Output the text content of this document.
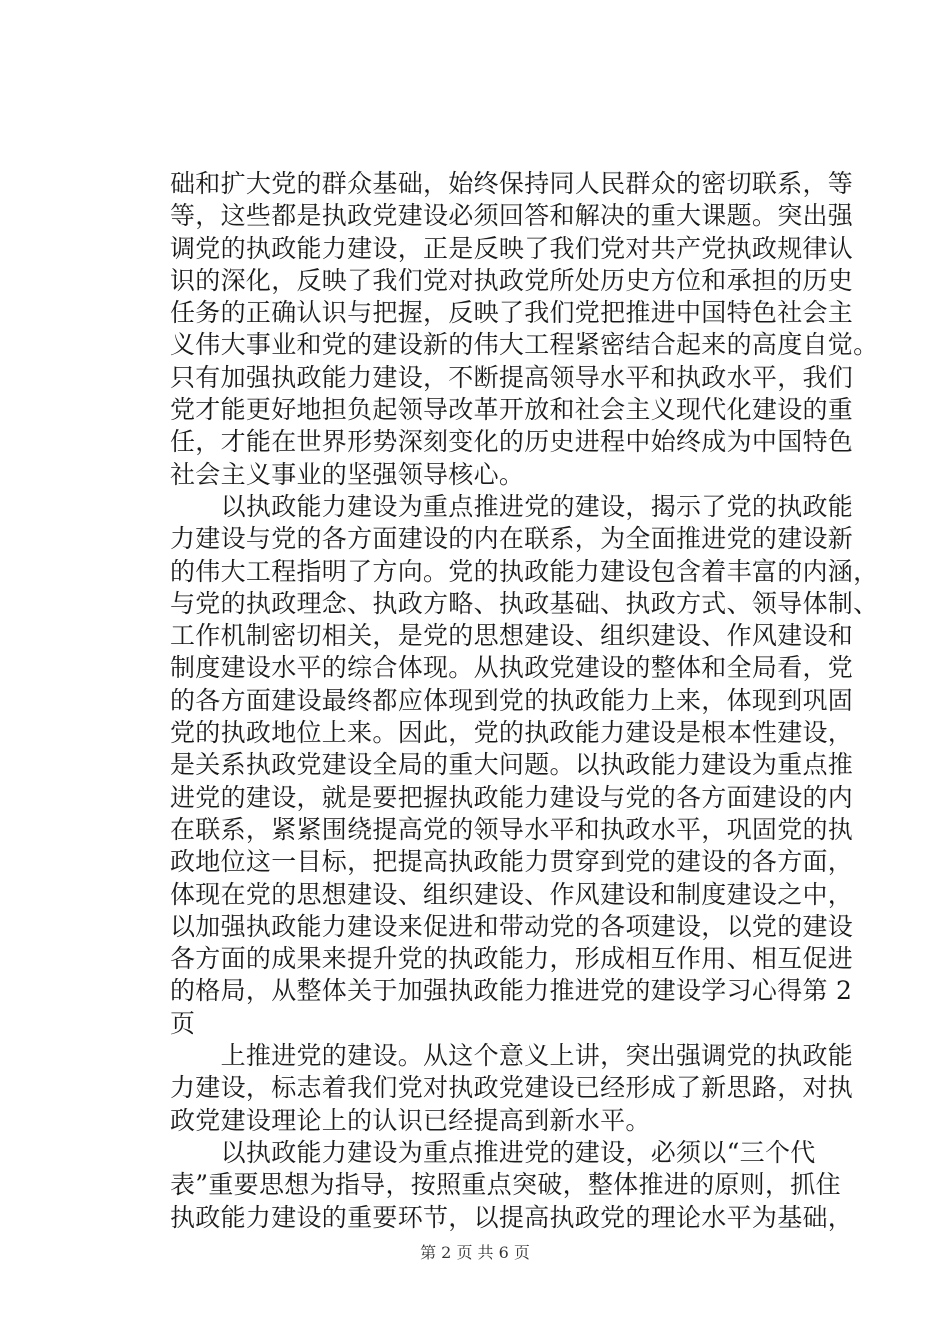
础和扩大党的群众基础，始终保持同人民群众的密切联系，等
等，这些都是执政党建设必须回答和解决的重大课题。突出强
调党的执政能力建设，正是反映了我们党对共产党执政规律认
识的深化，反映了我们党对执政党所处历史方位和承担的历史
任务的正确认识与把握，反映了我们党把推进中国特色社会主
义伟大事业和党的建设新的伟大工程紧密结合起来的高度自觉。
只有加强执政能力建设，不断提高领导水平和执政水平，我们
党才能更好地担负起领导改革开放和社会主义现代化建设的重
任，才能在世界形势深刻变化的历史进程中始终成为中国特色
社会主义事业的坚强领导核心。
　　以执政能力建设为重点推进党的建设，揭示了党的执政能
力建设与党的各方面建设的内在联系，为全面推进党的建设新
的伟大工程指明了方向。党的执政能力建设包含着丰富的内涵，
与党的执政理念、执政方略、执政基础、执政方式、领导体制、
工作机制密切相关，是党的思想建设、组织建设、作风建设和
制度建设水平的综合体现。从执政党建设的整体和全局看，党
的各方面建设最终都应体现到党的执政能力上来，体现到巩固
党的执政地位上来。因此，党的执政能力建设是根本性建设，
是关系执政党建设全局的重大问题。以执政能力建设为重点推
进党的建设，就是要把握执政能力建设与党的各方面建设的内
在联系，紧紧围绕提高党的领导水平和执政水平，巩固党的执
政地位这一目标，把提高执政能力贯穿到党的建设的各方面，
体现在党的思想建设、组织建设、作风建设和制度建设之中，
以加强执政能力建设来促进和带动党的各项建设，以党的建设
各方面的成果来提升党的执政能力，形成相互作用、相互促进
的格局，从整体关于加强执政能力推进党的建设学习心得第 2
页
　　上推进党的建设。从这个意义上讲，突出强调党的执政能
力建设，标志着我们党对执政党建设已经形成了新思路，对执
政党建设理论上的认识已经提高到新水平。
　　以执政能力建设为重点推进党的建设，必须以“三个代
表”重要思想为指导，按照重点突破，整体推进的原则，抓住
执政能力建设的重要环节，以提高执政党的理论水平为基础，
第 2 页 共 6 页
